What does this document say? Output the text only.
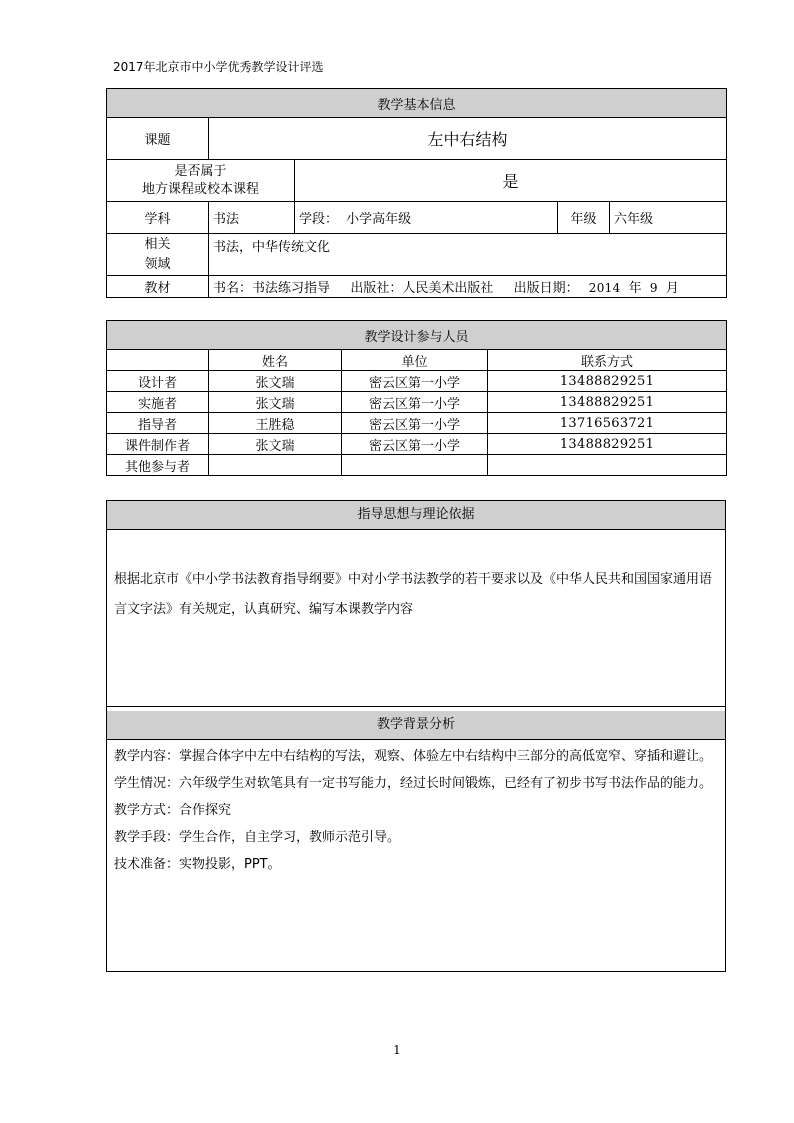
2017年北京市中小学优秀教学设计评选
教学基本信息				
课题	左中右结构			

是否属于
地方课程或校本课程		是		
学科	书法	学段： 小学高年级	年级	六年级

相关
领域	书法，中华传统文化			
教材	书名：书法练习指导 出版社：人民美术出版社 出版日期： 2014 年 9 月			
教学设计参与人员			
	姓名	单位	联系方式
设计者	张文瑞	密云区第一小学	13488829251
实施者	张文瑞	密云区第一小学	13488829251
指导者	王胜稳	密云区第一小学	13716563721
课件制作者	张文瑞	密云区第一小学	13488829251
其他参与者			
指导思想与理论依据
根据北京市《中小学书法教育指导纲要》中对小学书法教学的若干要求以及《中华人民共和国国家通用语言文字法》有关规定，认真研究、编写本课教学内容
教学背景分析
教学内容：掌握合体字中左中右结构的写法，观察、体验左中右结构中三部分的高低宽窄、穿插和避让。
学生情况：六年级学生对软笔具有一定书写能力，经过长时间锻炼，已经有了初步书写书法作品的能力。
教学方式：合作探究
教学手段：学生合作，自主学习，教师示范引导。
技术准备：实物投影，PPT。
1
